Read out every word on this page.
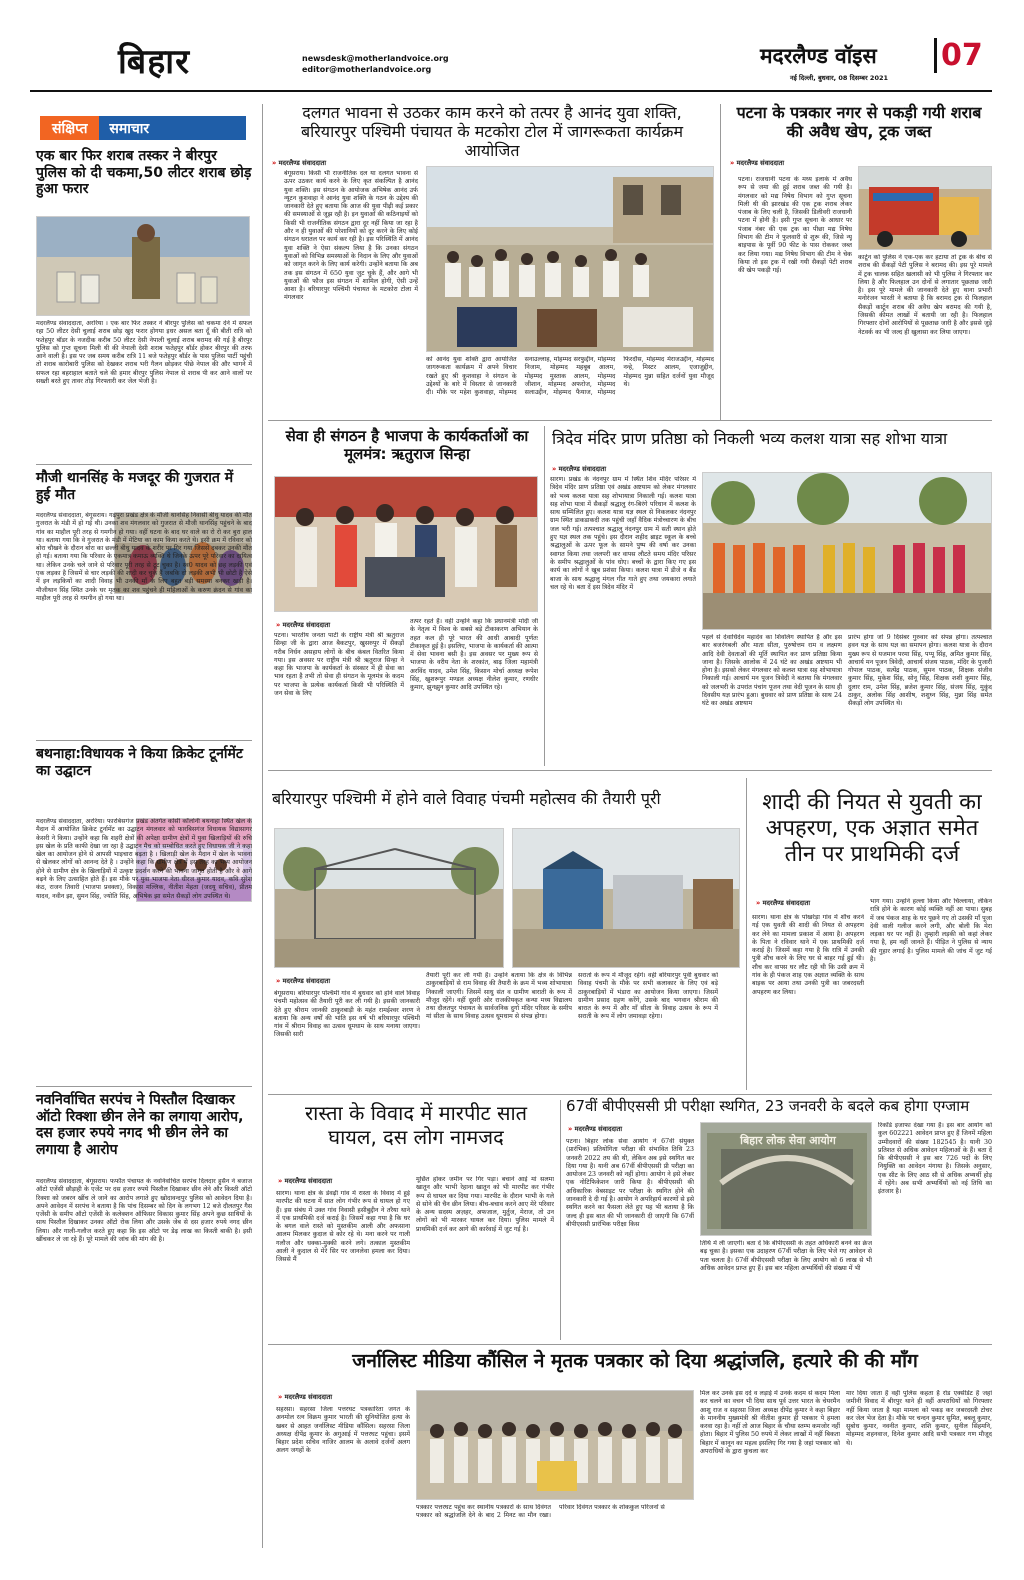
बिहार	newsdesk@motherlandvoice.org
editor@motherlandvoice.org
मदरलैण्ड वॉइस 07
नई दिल्ली, बुधवार, 08 दिसम्बर 2021
संक्षिप्त	समाचार
एक बार फिर शराब तस्कर ने बीरपुर पुलिस को दी चकमा,50 लीटर शराब छोड़ हुआ फरार
मदरलैण्ड संवाददाता, अररिया । एक बार फिर तस्कर ने बीरपुर पुलिस को चकमा देने में सफल रहा 50 लीटर देसी चुलाई शराब छोड़ खुद फरार होगया इधर असल बता दूँ की बीती रात्रि को फतेहपुर बॉडर के नजदीक करीब 50 लीटर देसी नेपाली चुलाई शराब बरामद की गई है बीरपुर पुलिस को गुप्त सूचना मिली थी की नेपाली देसी शराब फतेहपुर बॉर्डर होकर बीरपुर की तरफ आने वाली है। इस पर जब समय करीब रात्रि 11 बजे फतेहपुर बॉर्डर के पास पुलिस पार्टी पहुंची तो शराब कारोबारी पुलिस को देखकर शराब भरी गैलन छोड़कर पीछे नेपाल की और भागने में सफल रहा बहराहाल बताते चले की हमार बीरपुर पुलिस नेपाल से शराब पी कर आने वालों पर सख्ती बरते हुए तावर तोड़ गिरफ्तारी कर जेल भेजी है।
मौजी थानसिंह के मजदूर की गुजरात में हुई मौत
मदरलैण्ड संवाददाता, बेगूसराय। गढ़पुरा प्रखंड क्षेत्र के मौजी थानसिंह निवासी बीधु यादव की मौत गुजरात के मंडी में हो गई थी। उनका शव मंगलवार को गुजरात से मौजी थानसिंह पहुंचने के बाद गांव का माहौल पूरी तरह से गमगीन हो गया। वहीं घटना के बाद घर वाले का रो रो कर बुरा हाल था। बताया गया कि वे गुजरात के मंडी में मेटिया का काम किया करते थे। इसी क्रम में रविवार को बोरा चौखने के दौरान बोरा का छल्ली बीधु यादव के शरीर पर गिर गया जिससे दबकर उनकी मौत हो गई। बताया गया कि परिवार के एकमात्र कमाऊ व्यक्ति थे जिनके ऊपर पूरे परिवार का दायित्व था। लेकिन उनके चले जाने से परिवार पूरी तरह से टूट चुका है। स्व0 यादव को छह लड़की एवं एक लड़का है जिसमें से चार लड़की की शादी कर चुके हैं जबकि दो लड़की अभी भी छोटी है ऐसे में इन लड़कियों का शादी विवाह भी उनकी माँ के लिए बहुत बड़ी समस्या बनकर खड़ी है। मौजीथान सिंह स्थित उनके घर मृतक का शव पहुंचने ही महिलाओं के करुण क्रंदन से गांव का माहौल पूरी तरह से गमगीन हो गया था।
बथनाहा:विधायक ने किया क्रिकेट टूर्नामेंट का उद्घाटन
मदरलैण्ड संवाददाता, अररिया। फारबिसगंज प्रखंड अंतर्गत कोसी कॉलोनी बथनाहा स्थित खेल के मैदान में आयोजित क्रिकेट टूर्नामेंट का उद्घाटन मंगलवार को फारबिसगंज विधायक विद्यासागर केसरी ने किया। उन्होंने कहा कि शहरी क्षेत्रों की अपेक्षा ग्रामीण क्षेत्रों में युवा खिलाड़ियों की रुचि इस खेल के प्रति काफी देखा जा रहा है उद्घाटन मैच को सम्बोधित करते हुए विधायक जी ने कहा खेल का आयोजन होने से आपसी भाइचारा बढ़ता है । खिलाड़ी खेल के मैदान में खेल के भावना से खेलकर लोगों को आनन्द देते है । उन्होंने कहा कि ग्रामीण क्षेत्र में इस तरह का भव्य आयोजन होने से ग्रामीण क्षेत्र के खिलाड़ियों में उत्कृष्ट प्रदर्शन करने की भावना जागृत होती है और वे आगे बढ़ने के लिए उत्साहित होते हैं। इस मौके पर युवा भाजपा नेता धीरज कुमार यादव, कवि सुरेश कंठ, राजन तिवारी (भाजपा प्रवक्ता), विकास मल्लिक, नीतीश मेहता (जदयू सचिव), प्रीतम यादव, नवीन झा, सुमन सिंह, ज्योति सिंह, अभिषेक झा समेत सैकड़ों लोग उपस्थित थे।
नवनिर्वाचित सरपंच ने पिस्तौल दिखाकर ऑटो रिक्शा छीन लेने का लगाया आरोप, दस हजार रुपये नगद भी छीन लेने का लगाया है आरोप
मदरलैण्ड संवाददाता, बेगूसराय। फफौत पंचायत के नवनिर्वाचित सरपंच दिलदार हुसैन ने बजाज ऑटो एजेंसी छौड़ाही के एजेंट पर दस हजार रुपये पिस्तौल दिखाकर छीन लेने और किस्ती ऑटो रिक्शा को जबरन खींच ले जाने का आरोप लगाते हुए खोदावन्दपुर पुलिस को आवेदन दिया है। अपने आवेदन में सरपंच ने बताया है कि पांच दिसम्बर को दिन के लगभग 12 बजे दौलतपुर गैस एजेंसी के समीप ऑटो एजेंसी के कलेक्शन ऑफिसर विकास कुमार सिंह अपने कुछ साथियों के साथ पिस्तौल दिखाकर उनका ऑटो रोक लिया और उसके जेब से दस हजार रुपये नगद छीन लिया। और गाली-गलौज करते हुए कहा कि इस ऑटो पर डेढ़ लाख का किस्ती बाकी है। इसी खींचकर ले जा रहे हैं। पूरे मामले की जांच की मांग की है।
दलगत भावना से उठकर काम करने को तत्पर है आनंद युवा शक्ति, बरियारपुर पश्चिमी पंचायत के मटकोरा टोल में जागरूकता कार्यक्रम आयोजित
» मदरलैण्ड संवाददाता
बेगूसराय। किसी भी राजनीतिक दल या दलगत भावना से ऊपर उठकर कार्य करने के लिए कृत संकल्पित है आनंद युवा शक्ति। इस संगठन के आयोजक अभिषेक आनंद उर्फ न्यूटन कुशवाहा ने आनंद युवा शक्ति के गठन के उद्देश्य की जानकारी देते हुए बताया कि आज की युवा पीढ़ी कई प्रकार की समस्याओं से जूझ रही है। इन युवाओं की कठिनाइयों को किसी भी राजनीतिक संगठन द्वारा दूर नहीं किया जा रहा है और न ही युवाओं की परेशानियों को दूर करने के लिए कोई संगठन धरातल पर कार्य कर रही है। इस परिस्थिति में आनंद युवा शक्ति ने ऐसा संकल्प लिया है कि उनका संगठन युवाओं को विभिन्न समस्याओं के निदान के लिए और युवाओं को जागृत करने के लिए कार्य करेगी। उन्होंने बताया कि अब तक इस संगठन में 650 युवा जुट चुके हैं, और आगे भी युवाओं की फौज इस संगठन में शामिल होगी, ऐसी उन्हें आशा है। बरियारपुर पश्चिमी पंचायत के मटकोरा टोला में मंगलवार
को आनंद युवा शक्ति द्वारा आयोजित जागरूकता कार्यक्रम में अपने विचार रखते हुए श्री कुशवाहा ने संगठन के उद्देश्यों के बारे में विस्तार से जानकारी दी। मौके पर महेश कुशवाहा, मोहम्मद सनाउल्लाह, मोहम्मद सरफुद्दीन, मोहम्मद निजाम, मोहम्मद महबूब आलम, मोहम्मद मुस्ताक आलम, मोहम्मद जीशान, मोहम्मद अफरोज, मोहम्मद सलाउद्दीन, मोहम्मद फैयाज, मोहम्मद फिरदौस, मोहम्मद मेराजउद्दीन, मोहम्मद नन्हे, मिस्टर आलम, एजाजुद्दीन, मोहम्मद मुन्ना सहित दर्जनों युवा मौजूद थे।
पटना के पत्रकार नगर से पकड़ी गयी शराब की अवैध खेप, ट्रक जब्त
» मदरलैण्ड संवाददाता
पटना। राजधानी पटना के मध्य इलाके में अवैध रूप से जमा की हुई शराब जब्त की गयी है। मंगलवार को मद्य निषेध विभाग को गुप्त सूचना मिली थी की झारखंड की एक ट्रक शराब लेकर पंजाब के लिए चली है, जिसकी डिलीवरी राजधानी पटना में होनी है। इसी गुप्त सूचना के आधार पर पंजाब नंबर की एक ट्रक का पीछा मद्य निषेध विभाग की टीम ने फुलवारी से शुरू की, जिसे न्यू बाइपास के पूर्वी 90 फीट के पास रोककर जब्त कर लिया गया। मद्य निषेध विभाग की टीम ने चेक किया तो इस ट्रक में रखी गयी सैकड़ों पेटी शराब की खेप पकड़ी गई।
कार्टून को पुलिस ने एक-एक कर हटाया तो ट्रक के बीच से शराब की सैकड़ों पेटी पुलिस ने बरामद की। इस पूरे मामले में ट्रक चालक सहित खलासी को भी पुलिस ने गिरफ्तार कर लिया है और फिलहाल उन दोनों से लगातार पूछताछ जारी है। इस पूरे मामले की जानकारी देते हुए थाना प्रभारी मनोरंजन भारती ने बताया है कि बरामद ट्रक से फिलहाल सैकड़ों कार्टून शराब की अवैध खेप बरामद की गयी है, जिसकी कीमत लाखों में बतायी जा रही है। फिलहाल गिरफ्तार दोनों आरोपियों से पूछताछ जारी है और इससे जुड़े नेटवर्क का भी जल्द ही खुलासा कर लिया जाएगा।
सेवा ही संगठन है भाजपा के कार्यकर्ताओं का मूलमंत्र: ऋतुराज सिन्हा
» मदरलैण्ड संवाददाता
पटना। भारतीय जनता पार्टी के राष्ट्रीय मंत्री श्री ऋतुराज सिन्हा जी के द्वारा आज बैकटपुर, खुसरुपुर में सैकड़ों गरीब निर्धन असहाय लोगों के बीच कंबल वितरित किया गया। इस अवसर पर राष्ट्रीय मंत्री श्री ऋतुराज सिन्हा ने कहा कि भाजपा के कार्यकर्ता के संस्कार में ही सेवा का भाव रहता है तभी तो सेवा ही संगठन के मूलमंत्र के कदम पर भाजपा के प्रत्येक कार्यकर्ता किसी भी परिस्थिति में जन सेवा के लिए
तत्पर रहते हैं। वहीं उन्होंने कहा कि प्रधानमंत्री मोदी जी के नेतृत्व में विश्व के सबसे बड़े टीकाकरण अभियान के तहत कल ही पूरे भारत की आधी आबादी पूर्णतः टीकाकृत हुई है। इसलिए, भाजपा के कार्यकर्ता की आत्मा में सेवा भावना बसी है। इस अवसर पर मुख्य रूप से भाजपा के वरीय नेता के शरकांत, बाढ़ जिला महामंत्री अरविंद यादव, उमेश सिंह, किसान मोर्चा अध्यक्ष रूपेश सिंह, खुशरूपुर मण्डल अध्यक्ष नीलेश कुमार, रणधीर कुमार, झुनझुन कुमार आदि उपस्थित रहे।
त्रिदेव मंदिर प्राण प्रतिष्ठा को निकली भव्य कलश यात्रा सह शोभा यात्रा
» मदरलैण्ड संवाददाता
सारण। प्रखंड के नंदनपुर ग्राम में स्थित शिव मंदिर परिसर में त्रिदेव मंदिर प्राण प्रतिष्ठा एवं अखंड अष्टयाम को लेकर मंगलवार को भव्य कलश यात्रा सह शोभायात्रा निकाली गई। कलश यात्रा सह शोभा यात्रा में सैकड़ों श्रद्धालु रंग-बिरंगे परिधान में कलश के साथ सम्मिलित हुए। कलश यात्रा यज्ञ स्थल से निकलकर नंदनपुर ग्राम स्थित डाकडाकदी तक पहुंची जहाँ वैदिक मंत्रोच्चारण के बीच जल भरी गई। तत्पश्चात श्रद्धालु नंदनपुर ग्राम में सती स्थान होते हुए यज्ञ स्थल तक पहुंचे। इस दौरान शहीद ब्राइट स्कूल के बच्चे श्रद्धालुओं के ऊपर फूल के सामने पुष्प की वर्षा कर उनका स्वागत किया तथा जलपरी कर वापस लौटते समय मंदिर परिसर के समीप श्रद्धालुओं के पांव धोए। बच्चों के द्वारा किए गए इस कार्य का लोगों ने खूब प्रशंसा किया। कलश यात्रा में डीजे व बैंड बाजा के साथ श्रद्धालु मंगल गीत गाते हुए तथा जयकारा लगाते चल रहे थे। बता दें इस त्रिदेव मंदिर में
पहले से देवाधिदेव महादेव का शिवलिंग स्थापित है और इस बार बजरंगबली और माता सीता, पुरुषोत्तम राम व लक्ष्मण आदि देवी देवताओं की मूर्ति स्थापित कर प्राण प्रतिष्ठा किया जाना है। जिसके आलोक में 24 घंटे का अखंड अष्टयाम भी होना है। इसको लेकर मंगलवार को कलश यात्रा सह शोभायात्रा निकाली गई। आचार्य मन पूजन त्रिवेदी ने बताया कि मंगलवार को जलभरी के उपरांत पंचांग पूजन तथा वेदी पूजन के साथ ही दिवसीय यज्ञ प्रारंभ हुआ। बुधवार को प्राण प्रतिष्ठा के साथ 24 घंटे का अखंड अष्टयाम
प्रारंभ होगा जो 9 दिसंबर गुरुवार को संपन्न होगा। तत्पश्चात हवन यज्ञ के साथ यज्ञ का समापन होगा। कलश यात्रा के दौरान मुख्य रूप से यजमान परमा सिंह, पप्पू सिंह, अमित कुमार सिंह, आचार्य मन पूजन त्रिवेदी, आचार्य संजय पाठक, मंदिर के पुजारी गोपाल पाठक, सत्येंद्र पाठक, सुमन पाठक, शिक्षक संजीव कुमार सिंह, मुकेश सिंह, सोनू सिंह, शिक्षक शशी कुमार सिंह, दुलार राम, उमेश सिंह, ब्रजेश कुमार सिंह, संजय सिंह, मुकुंद ठाकुर, अलोक सिंह आशीष, शशुघ्न सिंह, मुन्ना सिंह समेत सैकड़ों लोग उपस्थित थे।
बरियारपुर पश्चिमी में होने वाले विवाह पंचमी महोत्सव की तैयारी पूरी
» मदरलैण्ड संवाददाता
बेगूसराय। बरियारपुर पश्चिमी गांव में बुधवार को होने वाले विवाह पंचमी महोत्सव की तैयारी पूरी कर ली गयी है। इसकी जानकारी देते हुए श्रीराम जानकी ठाकुरबाड़ी के महंत रामईश्वर शरण ने बताया कि अन्य वर्षों की भांति इस वर्ष भी बरियारपुर पश्चिमी गांव में श्रीराम विवाह का उत्सव धूमधाम के साथ मनाया जाएगा। जिसकी सारी
तैयारी पूरी कर ली गयी है। उन्होंने बताया कि क्षेत्र के विभिन्न ठाकुरबाड़ियों से राम विवाह की तैयारी के क्रम में भव्य शोभायात्रा निकाली जाएगी। जिसमें साधु संत व ग्रामीण बाराती के रूप में मौजूद रहेंगे। वहीं दूसरी ओर राजकीयकृत कन्या मध्य विद्यालय तथा दौलतपुर पंचायत के सार्वजनिक दुर्गा मंदिर परिसर के समीप मां सीता के साथ विवाह उत्सव धूमधाम से संपन्न होगा।
सरातो के रूप में मौजूद रहेंगे। वहीं बरियारपुर पूर्वी बुधवार को विवाह पंचमी के मौके पर सभी कलाकार के लिए एवं बड़े ठाकुरबाड़ियों में भंडारा का आयोजन किया जाएगा। जिसमें ग्रामीण प्रसाद ग्रहण करेंगे, उसके बाद भगवान श्रीराम की बारात के रूप में और माँ सीता के विवाह उत्सव के रूप में सराती के रूप में लोग जमावड़ा रहेगा।
शादी की नियत से युवती का अपहरण, एक अज्ञात समेत तीन पर प्राथमिकी दर्ज
» मदरलैण्ड संवाददाता
सारण। थाना क्षेत्र के पोखरेड़ा गांव में शौच करने गई एक युवती की शादी की नियत से अपहरण कर लेने का मामला प्रकाश में आया है। अपहरण के पिता ने रविवार थाने में एक प्राथमिकी दर्ज कराई है। जिसमें कहा गया है कि रात्रि में उनकी पुत्री शौच करने के लिए घर से बाहर गई हुई थी। शौच कर वापस घर लौट रही थी कि उसी क्रम में गांव के ही पंकज शाह एक अज्ञात व्यक्ति के साथ बाइक पर आया तथा उनकी पुत्री का जबरदस्ती अपहरण कर लिया।
भाग गया। उन्होंने हल्ला किया और चिल्लाया, लेकिन रात्रि होने के कारण कोई व्यक्ति नहीं आ पाया। सुबह में जब पंकज शाह के घर पूछने गए तो उसकी माँ पूजा देवी वाली गलीज करने लगी, और बोली कि मेरा लड़का घर पर नहीं है। तुम्हारी लड़की को कहां लेकर गया है, हम नहीं जानते हैं। पीड़ित ने पुलिस से न्याय की गुहार लगाई है। पुलिस मामले की जांच में जुट गई है।
रास्ता के विवाद में मारपीट सात घायल, दस लोग नामजद
» मदरलैण्ड संवाददाता
सारण। थाना क्षेत्र के डेवढ़ी गांव में रास्ता के विवाद में हुई मारपीट की घटना में सात लोग गंभीर रूप से घायल हो गए हैं। इस संबंध में उक्त गांव निवासी हसीबुद्दीन ने तरैया थाने में एक प्राथमिकी दर्ज कराई है। जिसमें कहा गया है कि घर के बगल वाले रास्ते को मुस्तकीम आली और अफसाना आलम मिलकर कुदाल से कोर रहे थे। मना करने पर गाली गलौज और धक्का-मुक्की करने लगे। तत्काल मुस्तकीम आली ने कुदाल से मेरे सिर पर जानलेवा हमला कर दिया। जिससे मैं
मूर्छित होकर जमीन पर गिर पड़ा। बचाने आई मां सलमा खातून और भाभी रेहाना खातून को भी मारपीट कर गंभीर रूप से घायल कर दिया गया। मारपीट के दौरान भाभी के गले से सोने की चैन छीन लिया। बीच-बचाव करने आए मेरे परिवार के अन्य सदस्य अज़हर, अफजाल, मुर्तुज, मेराज, तो उन लोगों को भी मारकर घायल कर दिया। पुलिस मामले में प्राथमिकी दर्ज कर आगे की कार्रवाई में जुट गई है।
67वीं बीपीएससी प्री परीक्षा स्थगित, 23 जनवरी के बदले कब होगा एग्जाम
» मदरलैण्ड संवाददाता
पटना। बिहार लोक सेवा आयोग ने 67वीं संयुक्त (प्रारंभिक) प्रतियोगिता परीक्षा की संभावित तिथि 23 जनवरी 2022 तय की थी, लेकिन अब इसे स्थगित कर दिया गया है। यानी अब 67वीं बीपीएससी प्री परीक्षा का आयोजन 23 जनवरी को नहीं होगा। आयोग ने इसे लेकर एक नोटिफिकेशन जारी किया है। बीपीएससी की अधिकारिक वेबसाइट पर परीक्षा के स्थगित होने की जानकारी दे दी गई है। आयोग ने अपरिहार्य कारणों से इसे स्थगित करने का फैसला लेते हुए यह भी बताया है कि जल्द ही इस बात की भी जानकारी दी जाएगी कि 67वीं बीपीएससी प्रारंभिक परीक्षा किस
बिहार लोक सेवा आयोग
तिथि में ली जाएगी। बता दें कि बीपीएससी के तहत अधिकारी बनने का क्रेज बढ़ चुका है। इसका एक उदाहरण 67वीं परीक्षा के लिए भेजे गए आवेदन से पता चलता है। 67वीं बीपीएससी परीक्षा के लिए आयोग को 6 लाख से भी अधिक आवेदन प्राप्त हुए हैं। इस बार महिला अभ्यर्थियों की संख्या में भी
रिकॉर्ड इजाफा देखा गया है। इस बार आयोग को कुल 602221 आवेदन प्राप्त हुए हैं जिनमें महिला उम्मीदवारों की संख्या 182545 है। यानी 30 प्रतिशत से अधिक आवेदन महिलाओं के हैं। बता दें कि बीपीएससी ने इस बार 726 पदों के लिए नियुक्ति का आवेदन मंगाया है। जिसके अनुसार, एक सीट के लिए आठ सौ से अधिक अभ्यर्थी होड़ में रहेंगे। अब सभी अभ्यर्थियों को नई तिथि का इंतजार है।
जर्नालिस्ट मीडिया कौंसिल ने मृतक पत्रकार को दिया श्रद्धांजलि, हत्यारे की की माँग
» मदरलैण्ड संवाददाता
सहरसा। सहरसा जिला पत्तरघट पत्रकारिता जगत के अनमोल रत्न विक्रम कुमार भारती की सुनियोजित हत्या के खबर से आहत जर्नालिस्ट मीडिया कौंसिल। सहरसा जिला अध्यक्ष दीपेंद्र कुमार के अगुआई में पत्तरघट पहुंचा। इसमें बिहार प्रदेश सचिव नाजिर आलम के अलावे दर्जनों अलग अलग जगहों के
पत्रकार पत्तरघट पहुंच कर स्थानीय पत्रकारों के साथ दिवंगत पत्रकार को श्रद्धांजलि देने के बाद 2 मिनट का मौन रखा। परिवार दिवंगत पत्रकार के शोककुल परिजनों से
मिल कर उनके इस दर्द व लड़ाई में उनके कदम से कदम मिला कर चलने का वचन भी दिया साथ पूर्व उत्तर भारत के चेयरमैन आशु राज व सहरसा जिला अध्यक्ष दीपेंद्र कुमार ने कहा बिहार के माननीय मुख्यमंत्री श्री नीतीश कुमार ही पत्रकार पे हमला करवा रहा है। नहीं तो आज बिहार के चौथा स्तम्भ कमजोर नहीं होता। बिहार में पुलिस 50 रुपये में लेकर लाखों में नहीं बिकता बिहार में कानून का महत्व इसलिए गिर गया है जहां पत्रकार को अपराधियों के द्वारा कुचला कर
मार दिया जाता है वहीं पुलिस कहता है रोड एक्सीडेंट है जहां जमीनी विवाद में बीरपुर थाने ही वहीं अपराधियों को गिरफ्तार नहीं किया जाता है यहा मामला को पकड़ कर जबरदस्ती टोचर कर जेल भेज देता है। मौके पर चन्दन कुमार सुमित, बबलू कुमार, सुबोध कुमार, नवनीत कुमार, शशि कुमार, सुनील सिंहमनि, मोहम्मद शहनवाज, दिनेश कुमार आदि सभी पत्रकार गण मौजूद थे।
